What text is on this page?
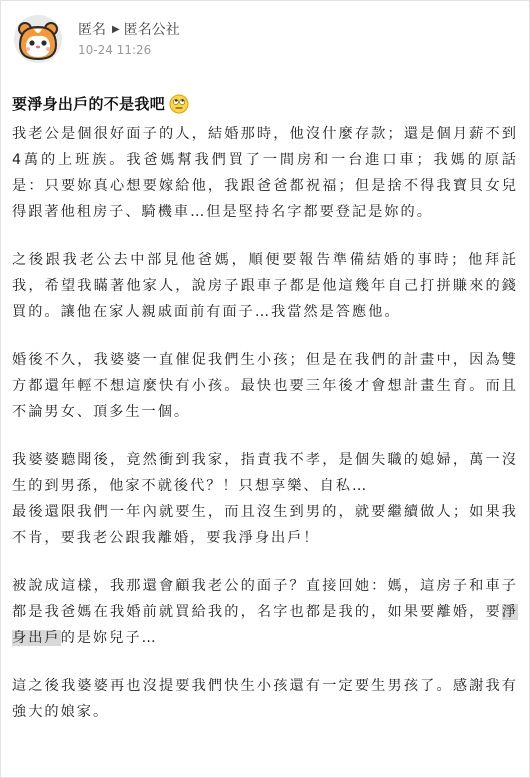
匿名 ▶ 匿名公社
10-24 11:26
要淨身出戶的不是我吧

我老公是個很好面子的人，結婚那時，他沒什麼存款；還是個月薪不到4萬的上班族。我爸媽幫我們買了一間房和一台進口車；我媽的原話是：只要妳真心想要嫁給他，我跟爸爸都祝福；但是捨不得我寶貝女兒得跟著他租房子、騎機車…但是堅持名字都要登記是妳的。

之後跟我老公去中部見他爸媽，順便要報告準備結婚的事時；他拜託我，希望我瞞著他家人，說房子跟車子都是他這幾年自己打拼賺來的錢買的。讓他在家人親戚面前有面子…我當然是答應他。

婚後不久，我婆婆一直催促我們生小孩；但是在我們的計畫中，因為雙方都還年輕不想這麼快有小孩。最快也要三年後才會想計畫生育。而且不論男女、頂多生一個。

我婆婆聽聞後，竟然衝到我家，指責我不孝，是個失職的媳婦，萬一沒生的到男孫，他家不就後代？！只想享樂、自私…
最後還限我們一年內就要生，而且沒生到男的，就要繼續做人；如果我不肯，要我老公跟我離婚，要我淨身出戶！

被說成這樣，我那還會顧我老公的面子？直接回她：媽，這房子和車子都是我爸媽在我婚前就買給我的，名字也都是我的，如果要離婚，要淨身出戶的是妳兒子…

這之後我婆婆再也沒提要我們快生小孩還有一定要生男孩了。感謝我有強大的娘家。
